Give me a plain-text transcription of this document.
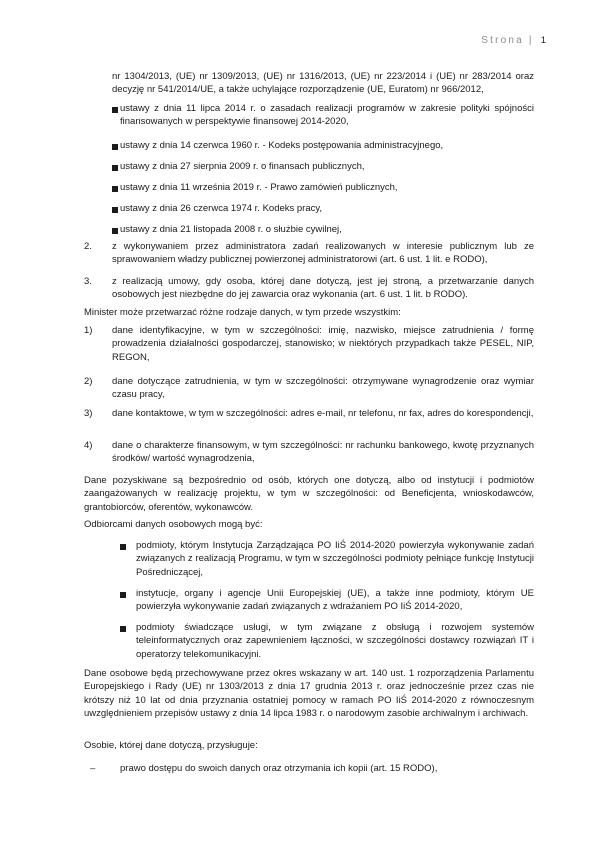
Strona | 1

nr 1304/2013, (UE) nr 1309/2013, (UE) nr 1316/2013, (UE) nr 223/2014 i (UE) nr 283/2014 oraz decyzję nr 541/2014/UE, a także uchylające rozporządzenie (UE, Euratom) nr 966/2012,

ustawy z dnia 11 lipca 2014 r. o zasadach realizacji programów w zakresie polityki spójności finansowanych w perspektywie finansowej 2014-2020,

ustawy z dnia 14 czerwca 1960 r. - Kodeks postępowania administracyjnego,

ustawy z dnia 27 sierpnia 2009 r. o finansach publicznych,

ustawy z dnia 11 września 2019 r. - Prawo zamówień publicznych,

ustawy z dnia 26 czerwca 1974 r. Kodeks pracy,

ustawy z dnia 21 listopada 2008 r. o służbie cywilnej,

2. z wykonywaniem przez administratora zadań realizowanych w interesie publicznym lub ze sprawowaniem władzy publicznej powierzonej administratorowi (art. 6 ust. 1 lit. e RODO),

3. z realizacją umowy, gdy osoba, której dane dotyczą, jest jej stroną, a przetwarzanie danych osobowych jest niezbędne do jej zawarcia oraz wykonania (art. 6 ust. 1 lit. b RODO).

Minister może przetwarzać różne rodzaje danych, w tym przede wszystkim:

1) dane identyfikacyjne, w tym w szczególności: imię, nazwisko, miejsce zatrudnienia / formę prowadzenia działalności gospodarczej, stanowisko; w niektórych przypadkach także PESEL, NIP, REGON,

2) dane dotyczące zatrudnienia, w tym w szczególności: otrzymywane wynagrodzenie oraz wymiar czasu pracy,

3) dane kontaktowe, w tym w szczególności: adres e-mail, nr telefonu, nr fax, adres do korespondencji,

4) dane o charakterze finansowym, w tym szczególności: nr rachunku bankowego, kwotę przyznanych środków/ wartość wynagrodzenia,

Dane pozyskiwane są bezpośrednio od osób, których one dotyczą, albo od instytucji i podmiotów zaangażowanych w realizację projektu, w tym w szczególności: od Beneficjenta, wnioskodawców, grantobiorców, oferentów, wykonawców.

Odbiorcami danych osobowych mogą być:

podmioty, którym Instytucja Zarządzająca PO IiŚ 2014-2020 powierzyła wykonywanie zadań związanych z realizacją Programu, w tym w szczególności podmioty pełniące funkcję Instytucji Pośredniczącej,

instytucje, organy i agencje Unii Europejskiej (UE), a także inne podmioty, którym UE powierzyła wykonywanie zadań związanych z wdrażaniem PO IiŚ 2014-2020,

podmioty świadczące usługi, w tym związane z obsługą i rozwojem systemów teleinformatycznych oraz zapewnieniem łączności, w szczególności dostawcy rozwiązań IT i operatorzy telekomunikacyjni.

Dane osobowe będą przechowywane przez okres wskazany w art. 140 ust. 1 rozporządzenia Parlamentu Europejskiego i Rady (UE) nr 1303/2013 z dnia 17 grudnia 2013 r. oraz jednocześnie przez czas nie krótszy niż 10 lat od dnia przyznania ostatniej pomocy w ramach PO IiŚ 2014-2020 z równoczesnym uwzględnieniem przepisów ustawy z dnia 14 lipca 1983 r. o narodowym zasobie archiwalnym i archiwach.

Osobie, której dane dotyczą, przysługuje:

–	prawo dostępu do swoich danych oraz otrzymania ich kopii (art. 15 RODO),
